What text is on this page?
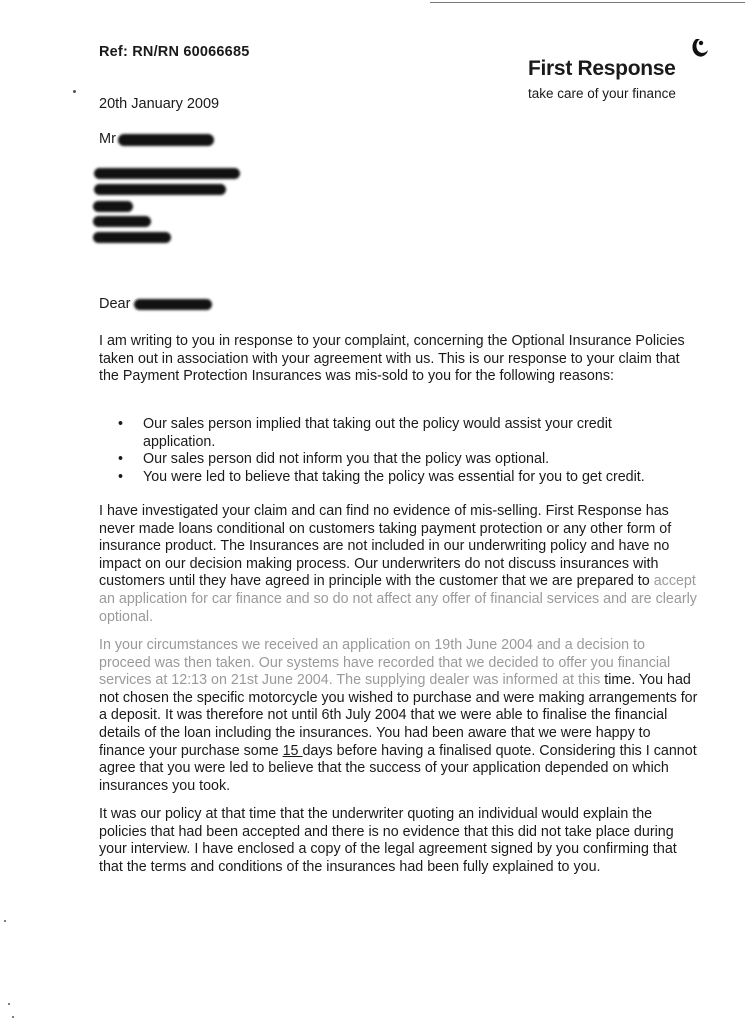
Ref: RN/RN 60066685
20th January 2009
First Response
take care of your finance
Mr
Dear

I am writing to you in response to your complaint, concerning the Optional Insurance Policies taken out in association with your agreement with us. This is our response to your claim that the Payment Protection Insurances was mis-sold to you for the following reasons:

• Our sales person implied that taking out the policy would assist your credit application.
• Our sales person did not inform you that the policy was optional.
• You were led to believe that taking the policy was essential for you to get credit.

I have investigated your claim and can find no evidence of mis-selling. First Response has never made loans conditional on customers taking payment protection or any other form of insurance product. The Insurances are not included in our underwriting policy and have no impact on our decision making process. Our underwriters do not discuss insurances with customers until they have agreed in principle with the customer that we are prepared to accept an application for car finance and so do not affect any offer of financial services and are clearly optional.

In your circumstances we received an application on 19th June 2004 and a decision to proceed was then taken. Our systems have recorded that we decided to offer you financial services at 12:13 on 21st June 2004. The supplying dealer was informed at this time. You had not chosen the specific motorcycle you wished to purchase and were making arrangements for a deposit. It was therefore not until 6th July 2004 that we were able to finalise the financial details of the loan including the insurances. You had been aware that we were happy to finance your purchase some 15 days before having a finalised quote. Considering this I cannot agree that you were led to believe that the success of your application depended on which insurances you took.

It was our policy at that time that the underwriter quoting an individual would explain the policies that had been accepted and there is no evidence that this did not take place during your interview. I have enclosed a copy of the legal agreement signed by you confirming that that the terms and conditions of the insurances had been fully explained to you.
